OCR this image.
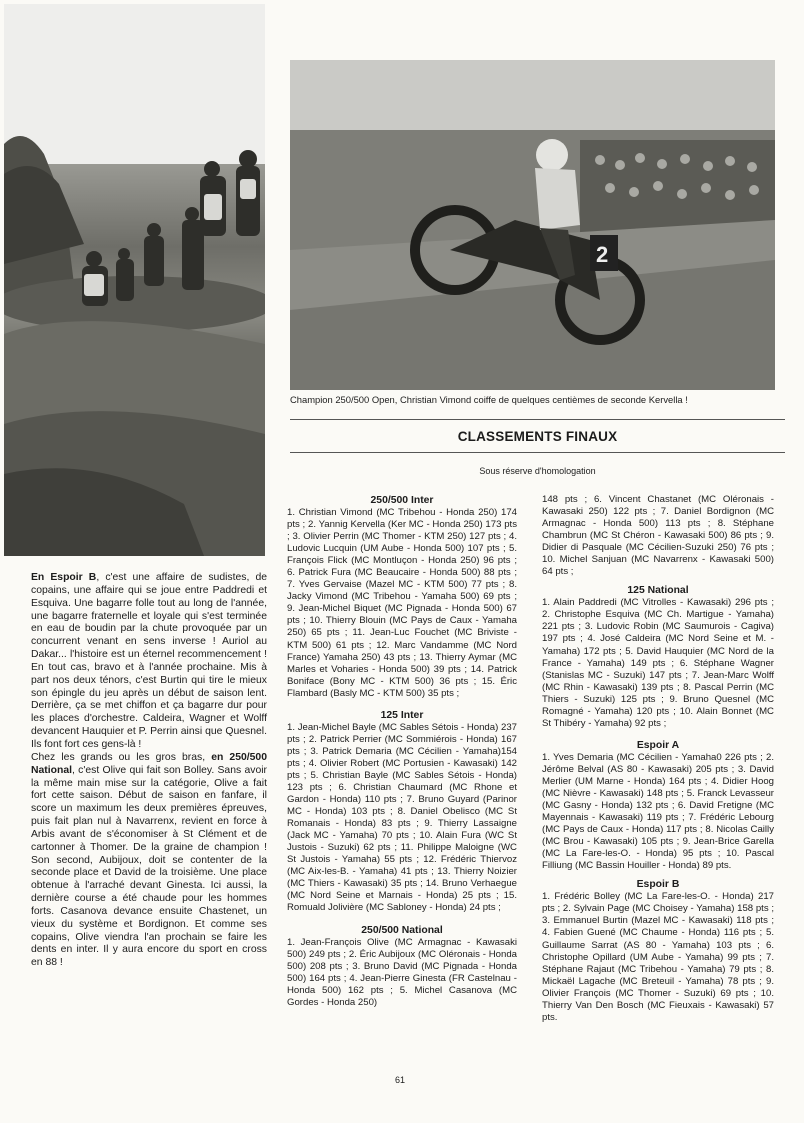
2
Champion 250/500 Open, Christian Vimond coiffe de quelques centièmes de seconde Kervella !
CLASSEMENTS FINAUX
Sous réserve d'homologation

En Espoir B, c'est une affaire de sudistes, de copains, une affaire qui se joue entre Paddredi et Esquiva. Une bagarre folle tout au long de l'année, une bagarre fraternelle et loyale qui s'est terminée en eau de boudin par la chute provoquée par un concurrent venant en sens inverse ! Auriol au Dakar... l'histoire est un éternel recommencement ! En tout cas, bravo et à l'année prochaine. Mis à part nos deux ténors, c'est Burtin qui tire le mieux son épingle du jeu après un début de saison lent. Derrière, ça se met chiffon et ça bagarre dur pour les places d'orchestre. Caldeira, Wagner et Wolff devancent Hauquier et P. Perrin ainsi que Quesnel. Ils font fort ces gens-là !

Chez les grands ou les gros bras, en 250/500 National, c'est Olive qui fait son Bolley. Sans avoir la même main mise sur la catégorie, Olive a fait fort cette saison. Début de saison en fanfare, il score un maximum les deux premières épreuves, puis fait plan nul à Navarrenx, revient en force à Arbis avant de s'économiser à St Clément et de cartonner à Thomer. De la graine de champion ! Son second, Aubijoux, doit se contenter de la seconde place et David de la troisième. Une place obtenue à l'arraché devant Ginesta. Ici aussi, la dernière course a été chaude pour les hommes forts. Casanova devance ensuite Chastenet, un vieux du système et Bordignon. Et comme ses copains, Olive viendra l'an prochain se faire les dents en inter. Il y aura encore du sport en cross en 88 !

250/500 Inter

1. Christian Vimond (MC Tribehou - Honda 250) 174 pts ; 2. Yannig Kervella (Ker MC - Honda 250) 173 pts ; 3. Olivier Perrin (MC Thomer - KTM 250) 127 pts ; 4. Ludovic Lucquin (UM Aube - Honda 500) 107 pts ; 5. François Flick (MC Montluçon - Honda 250) 96 pts ; 6. Patrick Fura (MC Beaucaire - Honda 500) 88 pts ; 7. Yves Gervaise (Mazel MC - KTM 500) 77 pts ; 8. Jacky Vimond (MC Tribehou - Yamaha 500) 69 pts ; 9. Jean-Michel Biquet (MC Pignada - Honda 500) 67 pts ; 10. Thierry Blouin (MC Pays de Caux - Yamaha 250) 65 pts ; 11. Jean-Luc Fouchet (MC Briviste - KTM 500) 61 pts ; 12. Marc Vandamme (MC Nord France) Yamaha 250) 43 pts ; 13. Thierry Aymar (MC Marles et Voharies - Honda 500) 39 pts ; 14. Patrick Boniface (Bony MC - KTM 500) 36 pts ; 15. Éric Flambard (Basly MC - KTM 500) 35 pts ;

125 Inter

1. Jean-Michel Bayle (MC Sables Sétois - Honda) 237 pts ; 2. Patrick Perrier (MC Sommiérois - Honda) 167 pts ; 3. Patrick Demaria (MC Cécilien - Yamaha)154 pts ; 4. Olivier Robert (MC Portusien - Kawasaki) 142 pts ; 5. Christian Bayle (MC Sables Sétois - Honda) 123 pts ; 6. Christian Chaumard (MC Rhone et Gardon - Honda) 110 pts ; 7. Bruno Guyard (Parinor MC - Honda) 103 pts ; 8. Daniel Obelisco (MC St Romanais - Honda) 83 pts ; 9. Thierry Lassaigne (Jack MC - Yamaha) 70 pts ; 10. Alain Fura (WC St Justois - Suzuki) 62 pts ; 11. Philippe Maloigne (WC St Justois - Yamaha) 55 pts ; 12. Frédéric Thiervoz (MC Aix-les-B. - Yamaha) 41 pts ; 13. Thierry Noizier (MC Thiers - Kawasaki) 35 pts ; 14. Bruno Verhaegue (MC Nord Seine et Marnais - Honda) 25 pts ; 15. Romuald Jolivière (MC Sabloney - Honda) 24 pts ;

250/500 National

1. Jean-François Olive (MC Armagnac - Kawasaki 500) 249 pts ; 2. Éric Aubijoux (MC Oléronais - Honda 500) 208 pts ; 3. Bruno David (MC Pignada - Honda 500) 164 pts ; 4. Jean-Pierre Ginesta (FR Castelnau - Honda 500) 162 pts ; 5. Michel Casanova (MC Gordes - Honda 250)

148 pts ; 6. Vincent Chastanet (MC Oléronais - Kawasaki 250) 122 pts ; 7. Daniel Bordignon (MC Armagnac - Honda 500) 113 pts ; 8. Stéphane Chambrun (MC St Chéron - Kawasaki 500) 86 pts ; 9. Didier di Pasquale (MC Cécilien-Suzuki 250) 76 pts ; 10. Michel Sanjuan (MC Navarrenx - Kawasaki 500) 64 pts ;

125 National

1. Alain Paddredi (MC Vitrolles - Kawasaki) 296 pts ; 2. Christophe Esquiva (MC Ch. Martigue - Yamaha) 221 pts ; 3. Ludovic Robin (MC Saumurois - Cagiva) 197 pts ; 4. José Caldeira (MC Nord Seine et M. - Yamaha) 172 pts ; 5. David Hauquier (MC Nord de la France - Yamaha) 149 pts ; 6. Stéphane Wagner (Stanislas MC - Suzuki) 147 pts ; 7. Jean-Marc Wolff (MC Rhin - Kawasaki) 139 pts ; 8. Pascal Perrin (MC Thiers - Suzuki) 125 pts ; 9. Bruno Quesnel (MC Romagné - Yamaha) 120 pts ; 10. Alain Bonnet (MC St Thibéry - Yamaha) 92 pts ;

Espoir A

1. Yves Demaria (MC Cécilien - Yamaha0 226 pts ; 2. Jérôme Belval (AS 80 - Kawasaki) 205 pts ; 3. David Merlier (UM Marne - Honda) 164 pts ; 4. Didier Hoog (MC Nièvre - Kawasaki) 148 pts ; 5. Franck Levasseur (MC Gasny - Honda) 132 pts ; 6. David Fretigne (MC Mayennais - Kawasaki) 119 pts ; 7. Frédéric Lebourg (MC Pays de Caux - Honda) 117 pts ; 8. Nicolas Cailly (MC Brou - Kawasaki) 105 pts ; 9. Jean-Brice Garella (MC La Fare-les-O. - Honda) 95 pts ; 10. Pascal Filliung (MC Bassin Houiller - Honda) 89 pts.

Espoir B

1. Frédéric Bolley (MC La Fare-les-O. - Honda) 217 pts ; 2. Sylvain Page (MC Choisey - Yamaha) 158 pts ; 3. Emmanuel Burtin (Mazel MC - Kawasaki) 118 pts ; 4. Fabien Guené (MC Chaume - Honda) 116 pts ; 5. Guillaume Sarrat (AS 80 - Yamaha) 103 pts ; 6. Christophe Opillard (UM Aube - Yamaha) 99 pts ; 7. Stéphane Rajaut (MC Tribehou - Yamaha) 79 pts ; 8. Mickaël Lagache (MC Breteuil - Yamaha) 78 pts ; 9. Olivier François (MC Thomer - Suzuki) 69 pts ; 10. Thierry Van Den Bosch (MC Fieuxais - Kawasaki) 57 pts.

61
